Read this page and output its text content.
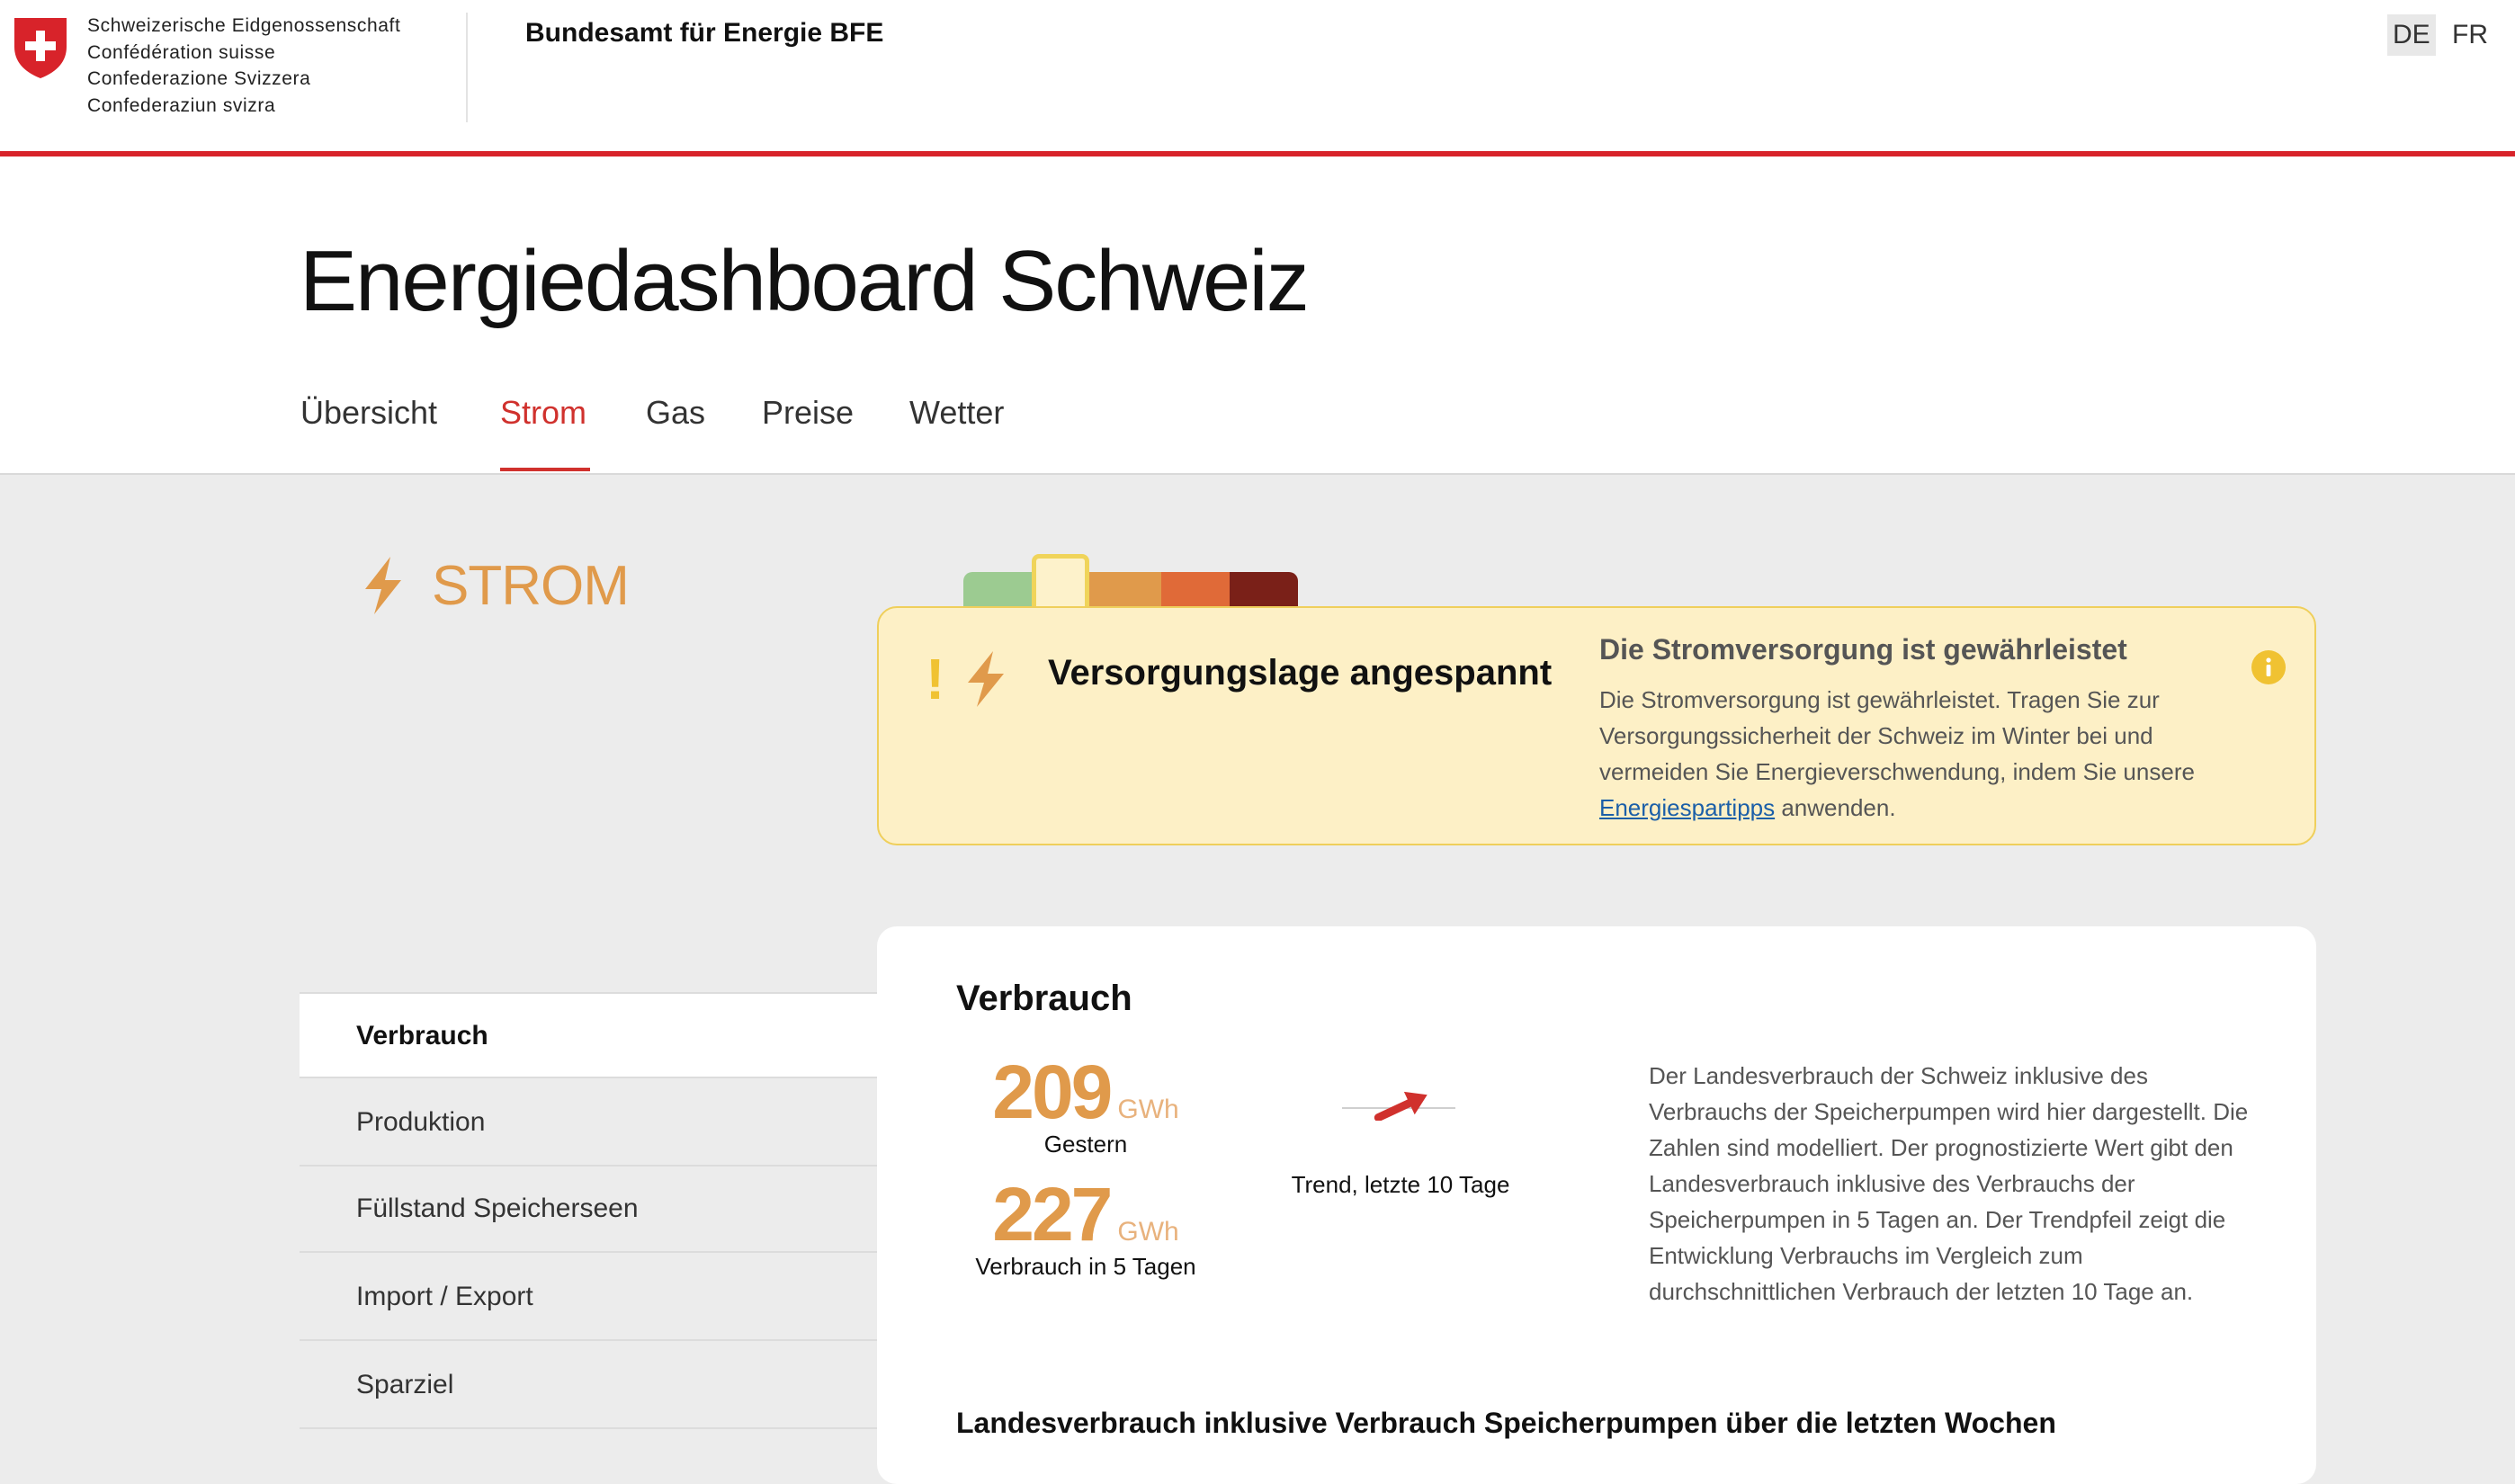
Schweizerische Eidgenossenschaft
Confédération suisse
Confederazione Svizzera
Confederaziun svizra
Bundesamt für Energie BFE	DE FR
Energiedashboard Schweiz
Übersicht Strom Gas Preise Wetter
STROM
!	Versorgungslage angespannt
Die Stromversorgung ist gewährleistet
Die Stromversorgung ist gewährleistet. Tragen Sie zur Versorgungssicherheit der Schweiz im Winter bei und vermeiden Sie Energieverschwendung, indem Sie unsere Energiespartipps anwenden.
Verbrauch
Produktion
Füllstand Speicherseen
Import / Export
Sparziel
Verbrauch
209 GWh
Gestern
227 GWh
Verbrauch in 5 Tagen
Trend, letzte 10 Tage
Der Landesverbrauch der Schweiz inklusive des Verbrauchs der Speicherpumpen wird hier dargestellt. Die Zahlen sind modelliert. Der prognostizierte Wert gibt den Landesverbrauch inklusive des Verbrauchs der Speicherpumpen in 5 Tagen an. Der Trendpfeil zeigt die Entwicklung Verbrauchs im Vergleich zum durchschnittlichen Verbrauch der letzten 10 Tage an.
Landesverbrauch inklusive Verbrauch Speicherpumpen über die letzten Wochen
